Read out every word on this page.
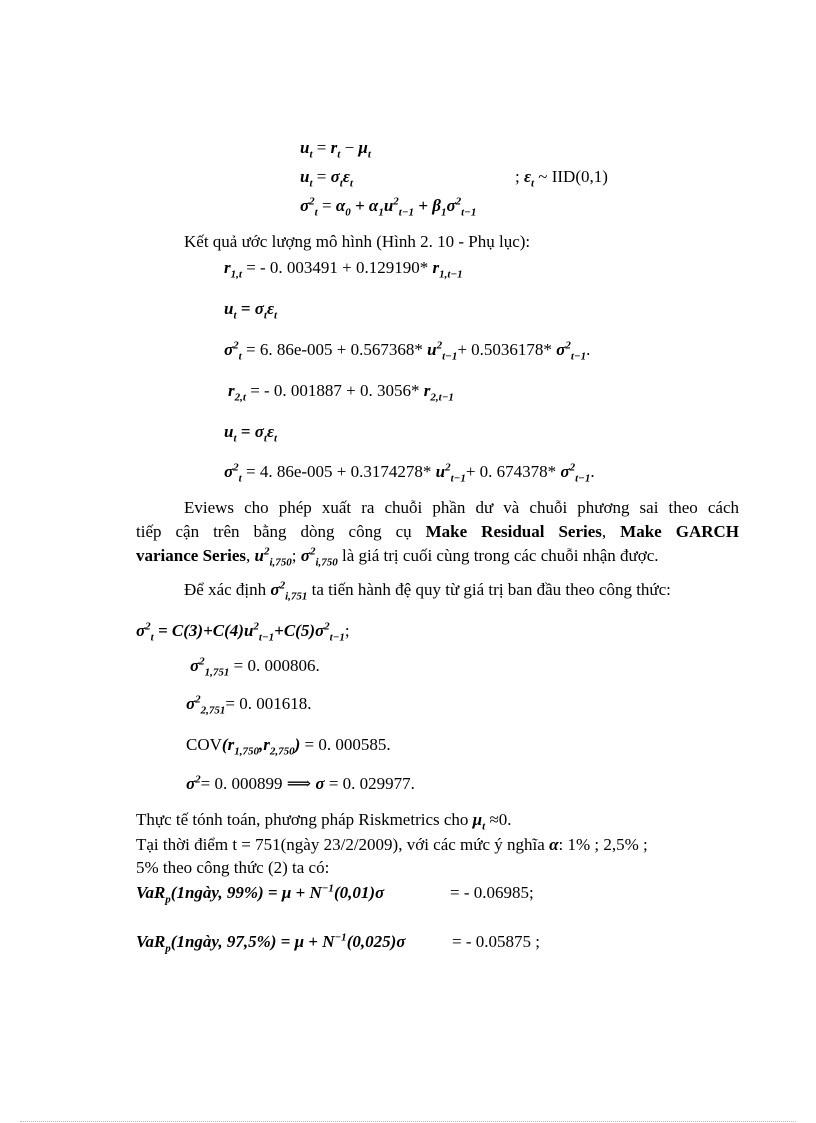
$u_t = r_t - \mu_t$
$u_t = \sigma_t\varepsilon_t$	; $\varepsilon_t$ ~ IID(0,1)
$\sigma^2_t = \alpha_0 + \alpha_1u^2_{t-1} + \beta_1\sigma^2_{t-1}$
Kết quả ước lượng mô hình (Hình 2. 10 - Phụ lục):
$r_{1,t}$ = - 0. 003491 + 0.129190* $r_{1,t-1}$
$u_t = \sigma_t\varepsilon_t$
$\sigma^2_t = 6$. 86e-005 + 0.567368* $u^2_{t-1}+ 0.5036178*$ $\sigma^2_{t-1}$.
$r_{2,t}$ = - 0. 001887 + 0. 3056* $r_{2,t-1}$
$u_t = \sigma_t\varepsilon_t$
$\sigma^2_t = 4$. 86e-005 + 0.3174278* $u^2_{t-1}+ 0$. 674378* $\sigma^2_{t-1}$.
Eviews cho phép xuất ra chuỗi phần dư và chuỗi phương sai theo cách
tiếp cận trên bằng dòng công cụ Make Residual Series, Make GARCH
variance Series, $u^2_{i,750}$; $\sigma^2_{i,750}$ là giá trị cuối cùng trong các chuỗi nhận được.
Để xác định $\sigma^2_{i,751}$ ta tiến hành đệ quy từ giá trị ban đầu theo công thức:
$\sigma^2_t = C(3)+C(4)u^2_{t-1}+C(5)\sigma^2_{t-1}$;
$\sigma^2_{1,751} = 0$. 000806.
$\sigma^2_{2,751}= 0$. 001618.
$COV(r_{1,750},r_{2,750}) = 0$. 000585.
$\sigma^2= 0$. 000899 ⟹ σ = 0. 029977.
Thực tế tónh toán, phương pháp Riskmetrics cho $\mu_t \approx 0$.
Tại thời điểm t = 751(ngày 23/2/2009), với các mức ý nghĩa α: 1% ; 2,5% ;
5% theo công thức (2) ta có:
VaR$_p$(1ngày, $99\%) = \mu + N^{-1}(0,01)\sigma$	= - 0.06985;
VaR$_p$(1ngày, $97,5\%) = \mu + N^{-1}(0,025)\sigma$	= - 0.05875 ;
